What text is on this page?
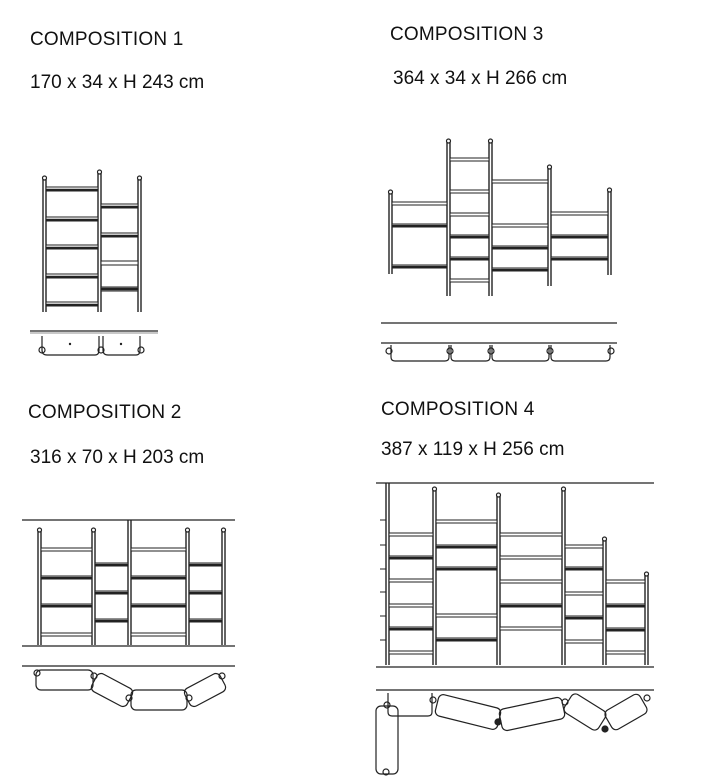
COMPOSITION 1
170 x 34 x H 243 cm
COMPOSITION 3
364 x 34 x H 266 cm
COMPOSITION 2
316 x 70 x H 203 cm
COMPOSITION 4
387 x 119 x H 256 cm
